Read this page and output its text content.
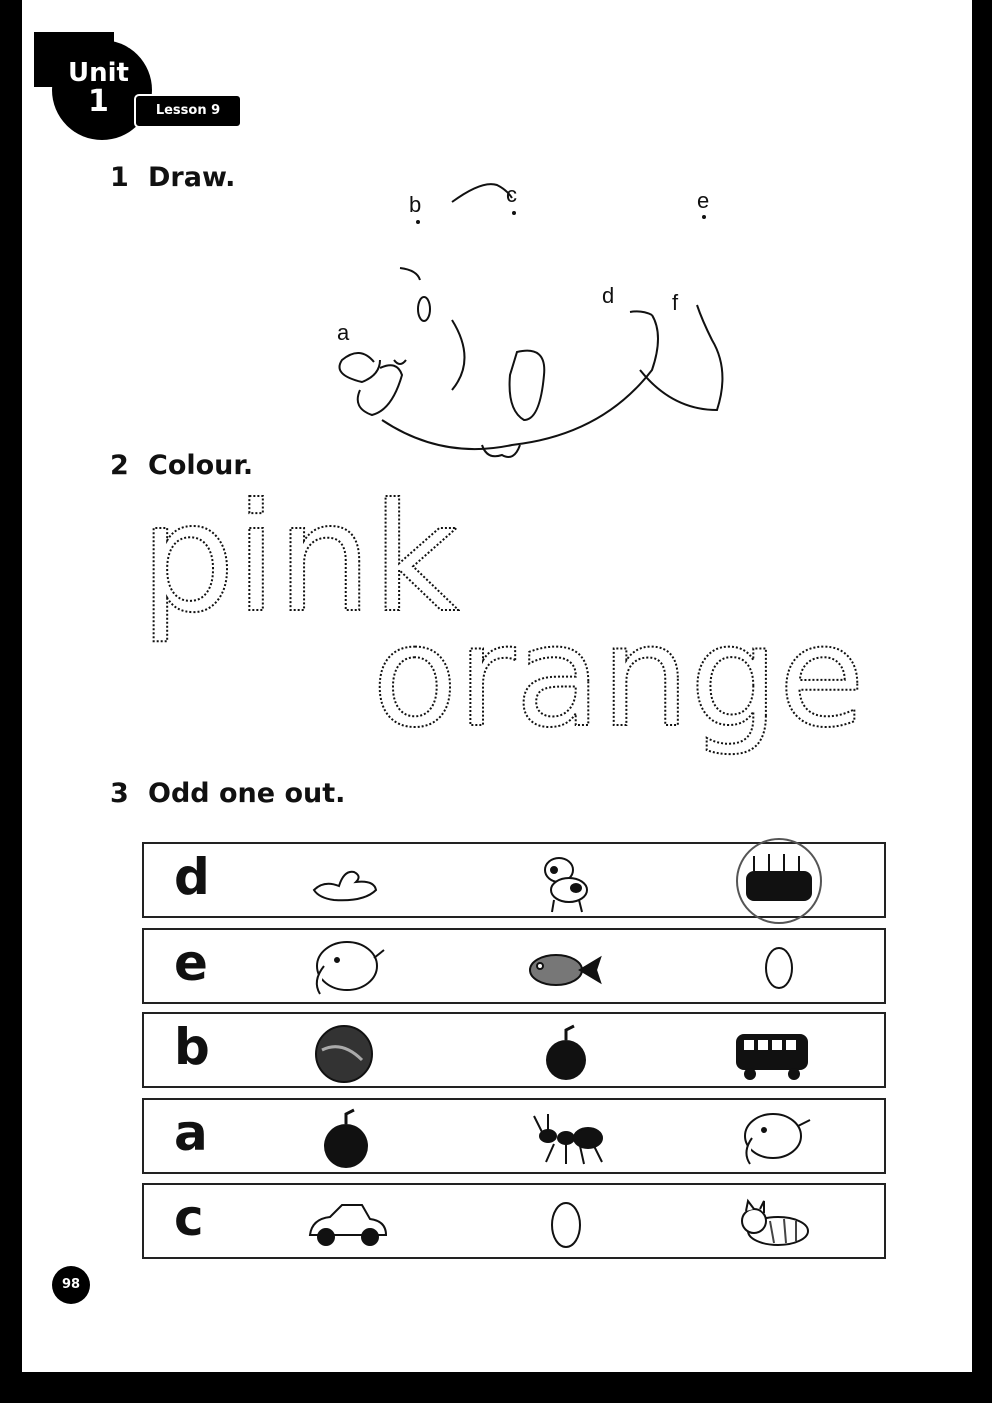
Unit
1	Lesson 9
1 Draw.
a
b	c
d
e
f
2 Colour.
pink
orange
3 Odd one out.
d
e
b
a
c
98
